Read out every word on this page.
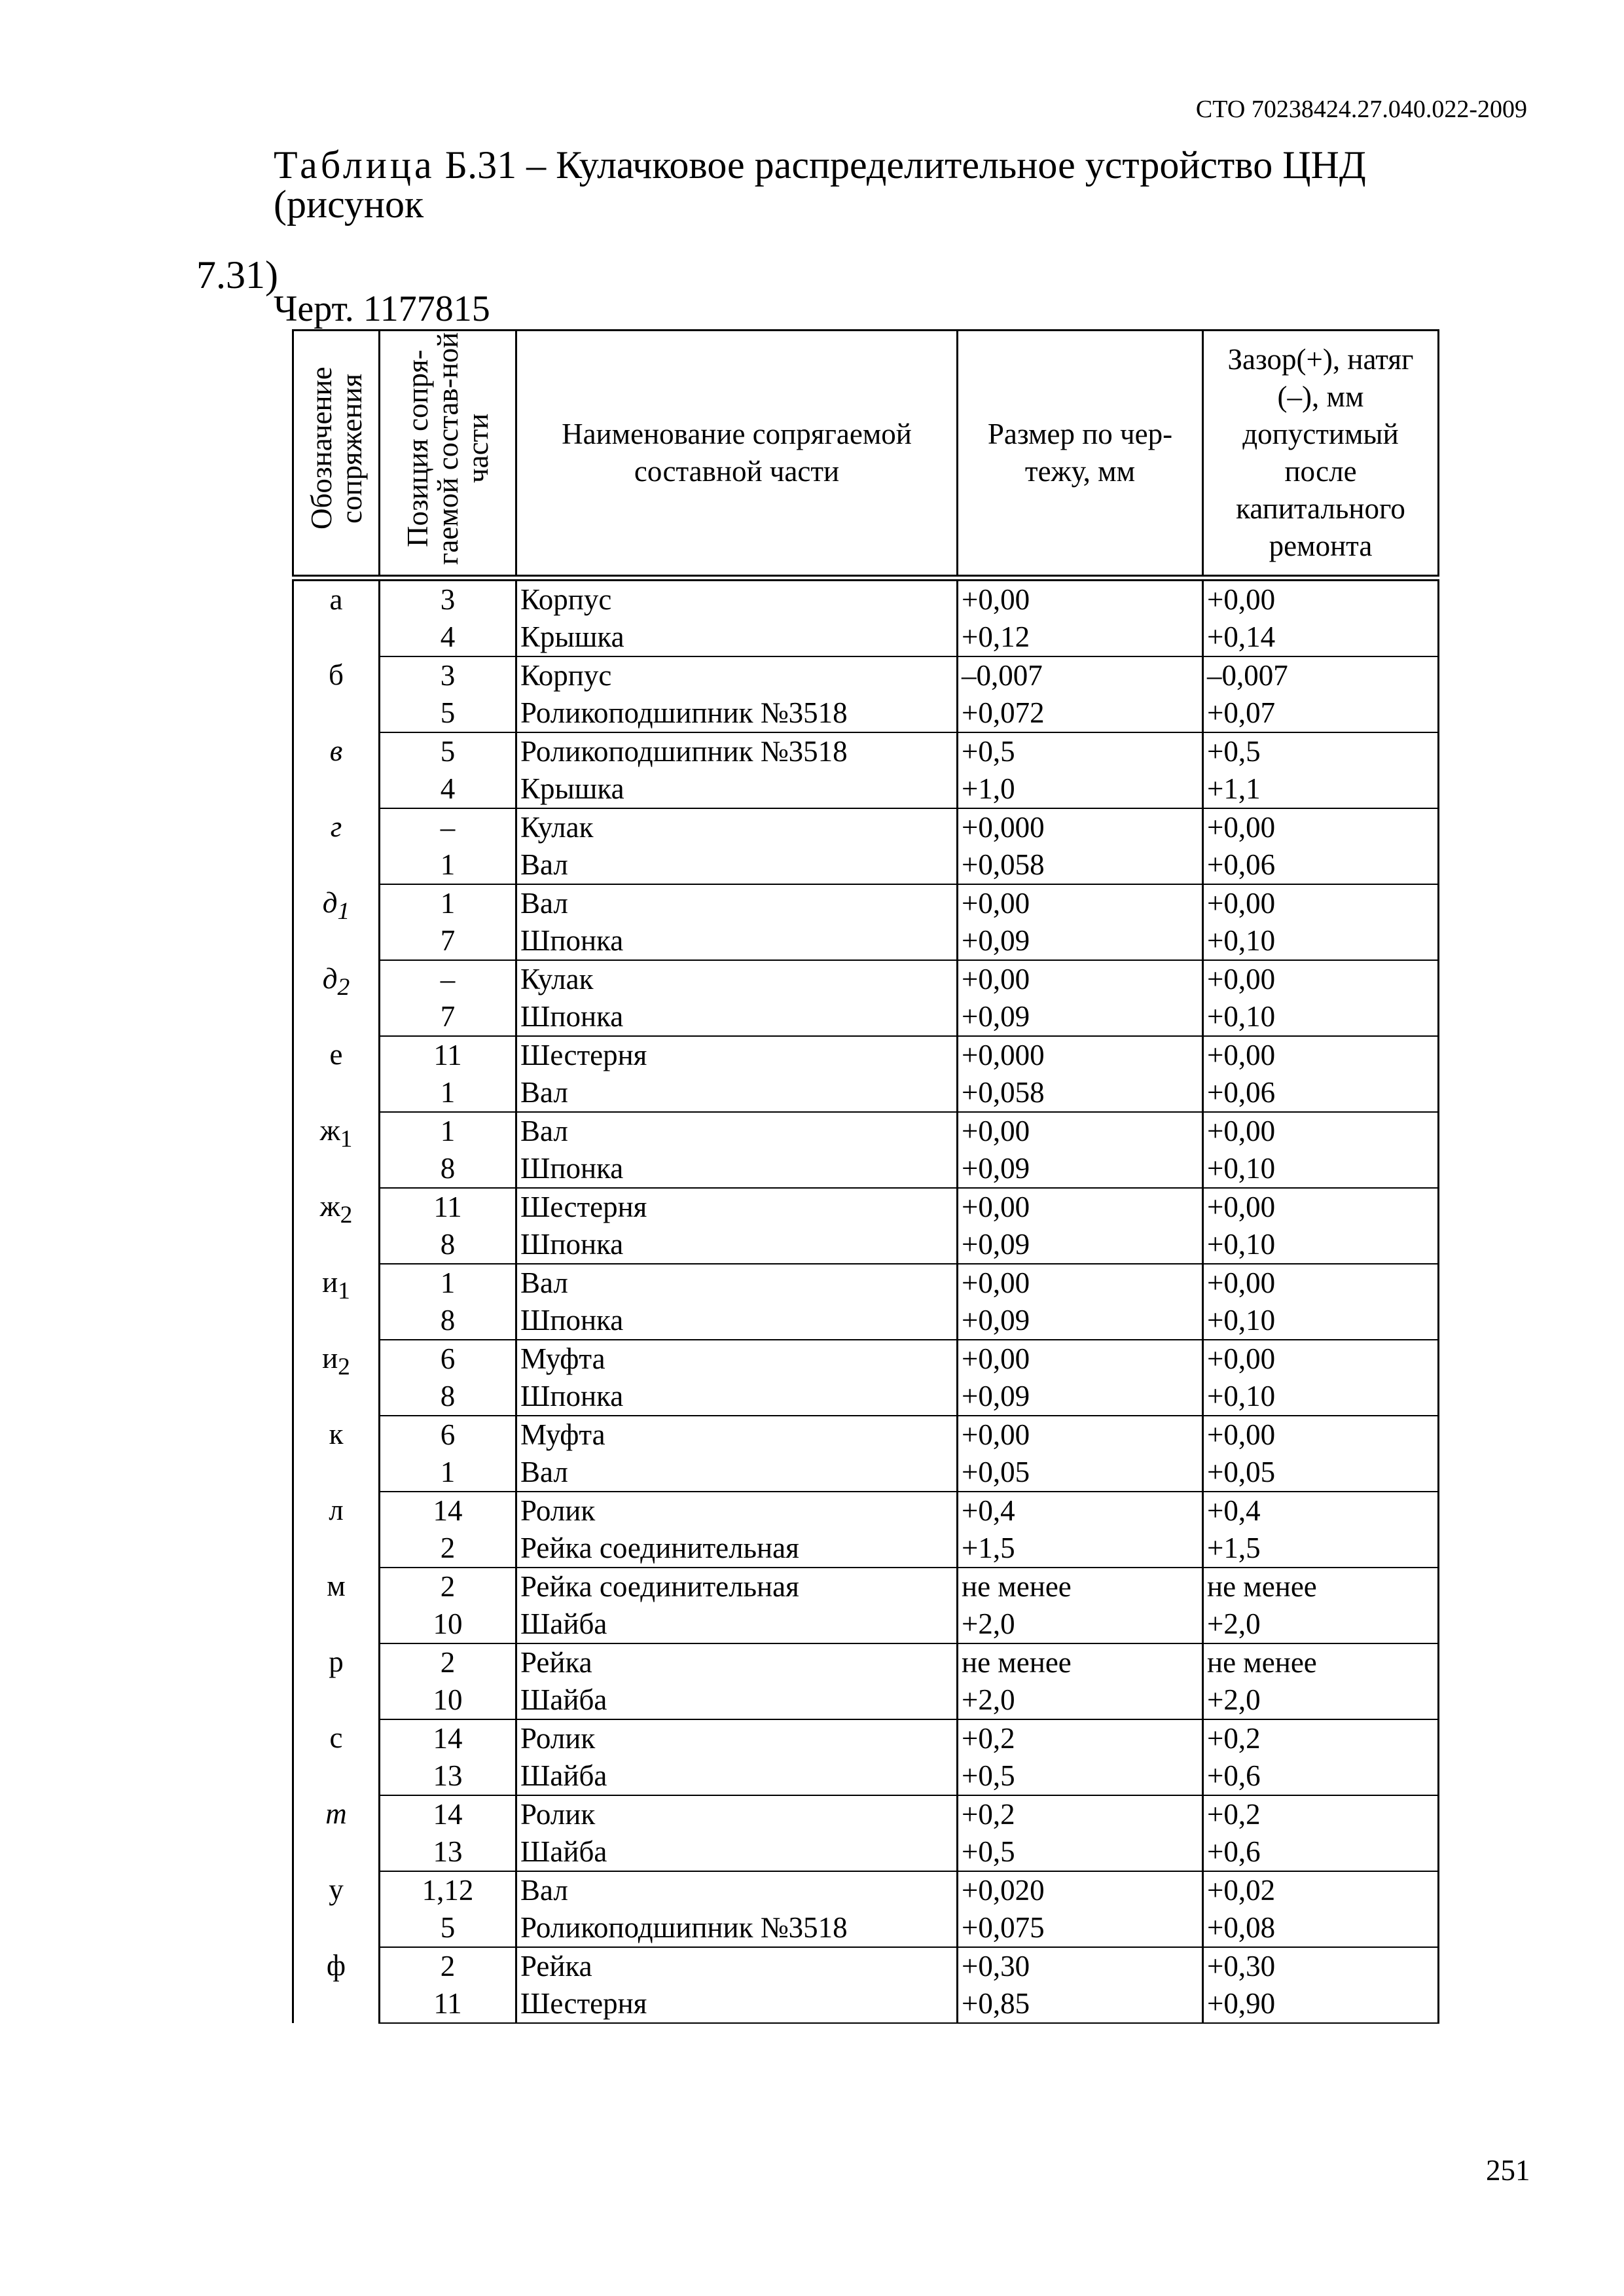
СТО 70238424.27.040.022-2009
Таблица Б.31 – Кулачковое распределительное устройство ЦНД (рисунок
7.31)
Черт. 1177815
Обозначение сопряжения	Позиция сопря-гаемой состав-ной части	Наименование сопрягаемой составной части	Размер по чер-тежу, мм	Зазор(+), натяг (–), мм допустимый после капитального ремонта
а	3	Корпус	+0,00	+0,00
	4	Крышка	+0,12	+0,14
б	3	Корпус	–0,007	–0,007
	5	Роликоподшипник №3518	+0,072	+0,07
в	5	Роликоподшипник №3518	+0,5	+0,5
	4	Крышка	+1,0	+1,1
г	–	Кулак	+0,000	+0,00
	1	Вал	+0,058	+0,06
$д_1$	1	Вал	+0,00	+0,00
	7	Шпонка	+0,09	+0,10
$д_2$	–	Кулак	+0,00	+0,00
	7	Шпонка	+0,09	+0,10
е	11	Шестерня	+0,000	+0,00
	1	Вал	+0,058	+0,06
$ж_1$	1	Вал	+0,00	+0,00
	8	Шпонка	+0,09	+0,10
$ж_2$	11	Шестерня	+0,00	+0,00
	8	Шпонка	+0,09	+0,10
$и_1$	1	Вал	+0,00	+0,00
	8	Шпонка	+0,09	+0,10
$и_2$	6	Муфта	+0,00	+0,00
	8	Шпонка	+0,09	+0,10
к	6	Муфта	+0,00	+0,00
	1	Вал	+0,05	+0,05
л	14	Ролик	+0,4	+0,4
	2	Рейка соединительная	+1,5	+1,5
м	2	Рейка соединительная	не менее	не менее
	10	Шайба	+2,0	+2,0
р	2	Рейка	не менее	не менее
	10	Шайба	+2,0	+2,0
с	14	Ролик	+0,2	+0,2
	13	Шайба	+0,5	+0,6
т	14	Ролик	+0,2	+0,2
	13	Шайба	+0,5	+0,6
у	1,12	Вал	+0,020	+0,02
	5	Роликоподшипник №3518	+0,075	+0,08
ф	2	Рейка	+0,30	+0,30
	11	Шестерня	+0,85	+0,90
251
